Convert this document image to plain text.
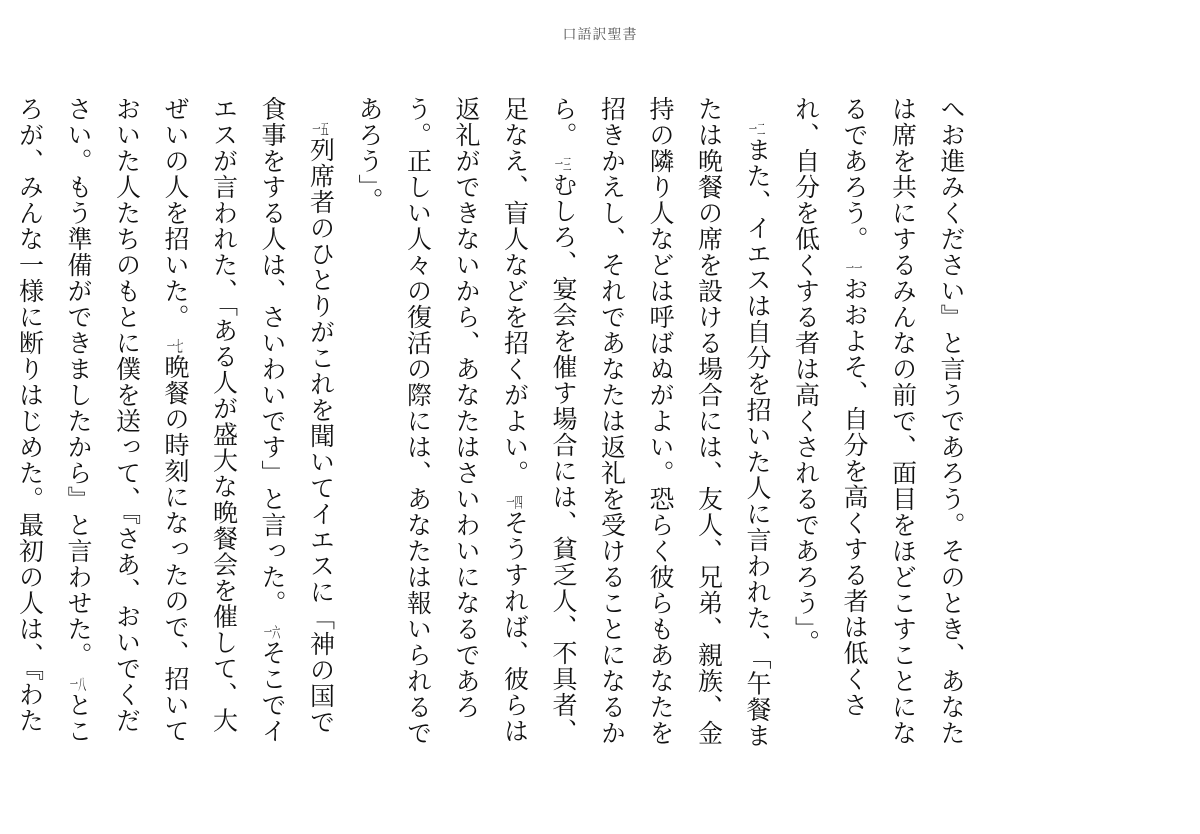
口語訳聖書
へお進みください』と言うであろう。そのとき、あなたは席を共にするみんなの前で、面目をほどこすことになるであろう。 一一おおよそ、自分を高くする者は低くされ、自分を低くする者は高くされるであろう」。
　一二また、イエスは自分を招いた人に言われた、「午餐または晩餐の席を設ける場合には、友人、兄弟、親族、金持の隣り人などは呼ばぬがよい。恐らく彼らもあなたを招きかえし、それであなたは返礼を受けることになるから。 一三むしろ、宴会を催す場合には、貧乏人、不具者、足なえ、盲人などを招くがよい。 一四そうすれば、彼らは返礼ができないから、あなたはさいわいになるであろう。正しい人々の復活の際には、あなたは報いられるであろう」。
　一五列席者のひとりがこれを聞いてイエスに「神の国で食事をする人は、さいわいです」と言った。 一六そこでイエスが言われた、「ある人が盛大な晩餐会を催して、大ぜいの人を招いた。 一七晩餐の時刻になったので、招いておいた人たちのもとに僕を送って、『さあ、おいでください。もう準備ができましたから』と言わせた。 一八ところが、みんな一様に断りはじめた。最初の人は、『わた
